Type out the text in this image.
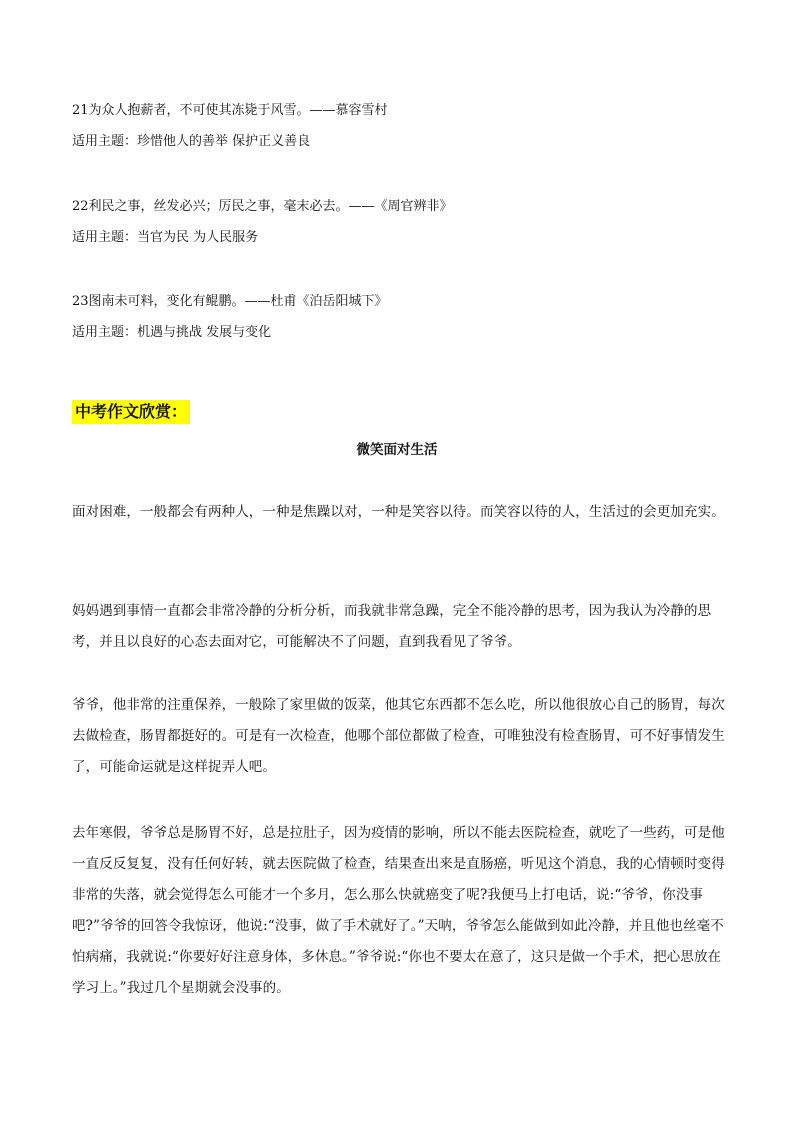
21为众人抱薪者，不可使其冻毙于风雪。——慕容雪村
适用主题：珍惜他人的善举 保护正义善良
22利民之事，丝发必兴；厉民之事，毫末必去。——《周官辨非》
适用主题：当官为民 为人民服务
23图南未可料，变化有鲲鹏。——杜甫《泊岳阳城下》
适用主题：机遇与挑战 发展与变化
中考作文欣赏：
微笑面对生活
面对困难，一般都会有两种人，一种是焦躁以对，一种是笑容以待。而笑容以待的人，生活过的会更加充实。
妈妈遇到事情一直都会非常冷静的分析分析，而我就非常急躁，完全不能冷静的思考，因为我认为冷静的思考，并且以良好的心态去面对它，可能解决不了问题，直到我看见了爷爷。
爷爷，他非常的注重保养，一般除了家里做的饭菜，他其它东西都不怎么吃，所以他很放心自己的肠胃，每次去做检查，肠胃都挺好的。可是有一次检查，他哪个部位都做了检查，可唯独没有检查肠胃，可不好事情发生了，可能命运就是这样捉弄人吧。
去年寒假，爷爷总是肠胃不好，总是拉肚子，因为疫情的影响，所以不能去医院检查，就吃了一些药，可是他一直反反复复，没有任何好转，就去医院做了检查，结果查出来是直肠癌，听见这个消息，我的心情顿时变得非常的失落，就会觉得怎么可能才一个多月，怎么那么快就癌变了呢?我便马上打电话，说:“爷爷，你没事吧?”爷爷的回答令我惊讶，他说:“没事，做了手术就好了。”天呐，爷爷怎么能做到如此冷静，并且他也丝毫不怕病痛，我就说:“你要好好注意身体，多休息。”爷爷说:“你也不要太在意了，这只是做一个手术，把心思放在学习上。”我过几个星期就会没事的。
